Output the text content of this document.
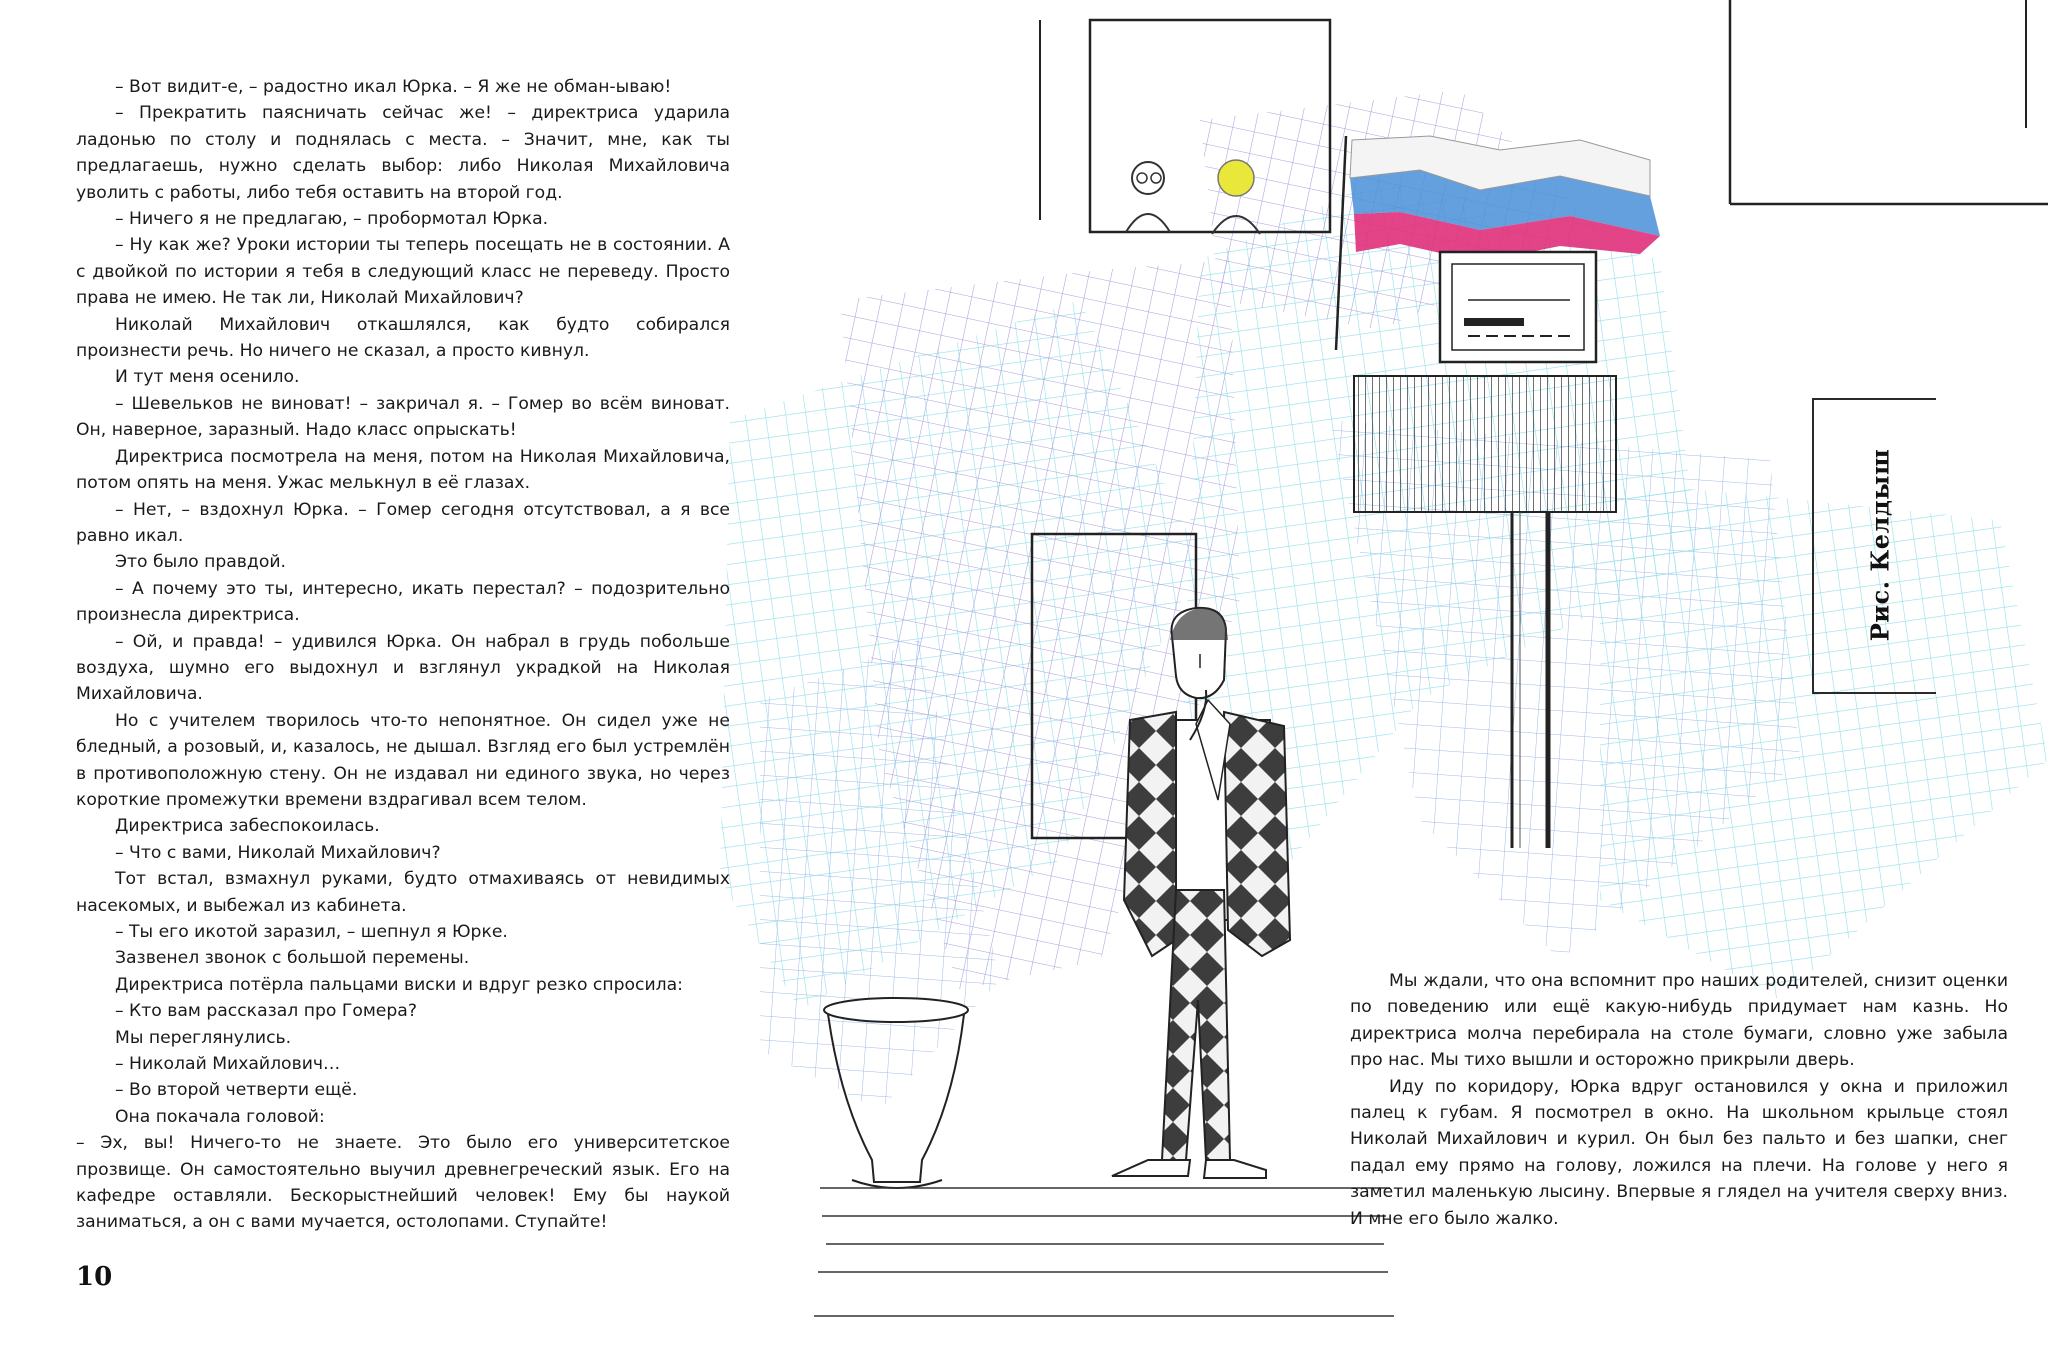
– Вот видит-е, – радостно икал Юрка. – Я же не обман-ываю!

– Прекратить паясничать сейчас же! – директриса ударила ладонью по столу и поднялась с места. – Значит, мне, как ты предлагаешь, нужно сделать выбор: либо Николая Михайловича уволить с работы, либо тебя оставить на второй год.

– Ничего я не предлагаю, – пробормотал Юрка.

– Ну как же? Уроки истории ты теперь посещать не в состоянии. А с двойкой по истории я тебя в следующий класс не переведу. Просто права не имею. Не так ли, Николай Михайлович?

Николай Михайлович откашлялся, как будто собирался произнести речь. Но ничего не сказал, а просто кивнул.

И тут меня осенило.

– Шевельков не виноват! – закричал я. – Гомер во всём виноват. Он, наверное, заразный. Надо класс опрыскать!

Директриса посмотрела на меня, потом на Николая Михайловича, потом опять на меня. Ужас мелькнул в её глазах.

– Нет, – вздохнул Юрка. – Гомер сегодня отсутствовал, а я все равно икал.

Это было правдой.

– А почему это ты, интересно, икать перестал? – подозрительно произнесла директриса.

– Ой, и правда! – удивился Юрка. Он набрал в грудь побольше воздуха, шумно его выдохнул и взглянул украдкой на Николая Михайловича.

Но с учителем творилось что-то непонятное. Он сидел уже не бледный, а розовый, и, казалось, не дышал. Взгляд его был устремлён в противоположную стену. Он не издавал ни единого звука, но через короткие промежутки времени вздрагивал всем телом.

Директриса забеспокоилась.

– Что с вами, Николай Михайлович?

Тот встал, взмахнул руками, будто отмахиваясь от невидимых насекомых, и выбежал из кабинета.

– Ты его икотой заразил, – шепнул я Юрке.

Зазвенел звонок с большой перемены.

Директриса потёрла пальцами виски и вдруг резко спросила:

– Кто вам рассказал про Гомера?

Мы переглянулись.

– Николай Михайлович…

– Во второй четверти ещё.

Она покачала головой:

– Эх, вы! Ничего-то не знаете. Это было его университетское прозвище. Он самостоятельно выучил древнегреческий язык. Его на кафедре оставляли. Бескорыстнейший человек! Ему бы наукой заниматься, а он с вами мучается, остолопами. Ступайте!

Мы ждали, что она вспомнит про наших родителей, снизит оценки по поведению или ещё какую-нибудь придумает нам казнь. Но директриса молча перебирала на столе бумаги, словно уже забыла про нас. Мы тихо вышли и осторожно прикрыли дверь.

Иду по коридору, Юрка вдруг остановился у окна и приложил палец к губам. Я посмотрел в окно. На школьном крыльце стоял Николай Михайлович и курил. Он был без пальто и без шапки, снег падал ему прямо на голову, ложился на плечи. На голове у него я заметил маленькую лысину. Впервые я глядел на учителя сверху вниз. И мне его было жалко.

Рис. Келдыш
10
